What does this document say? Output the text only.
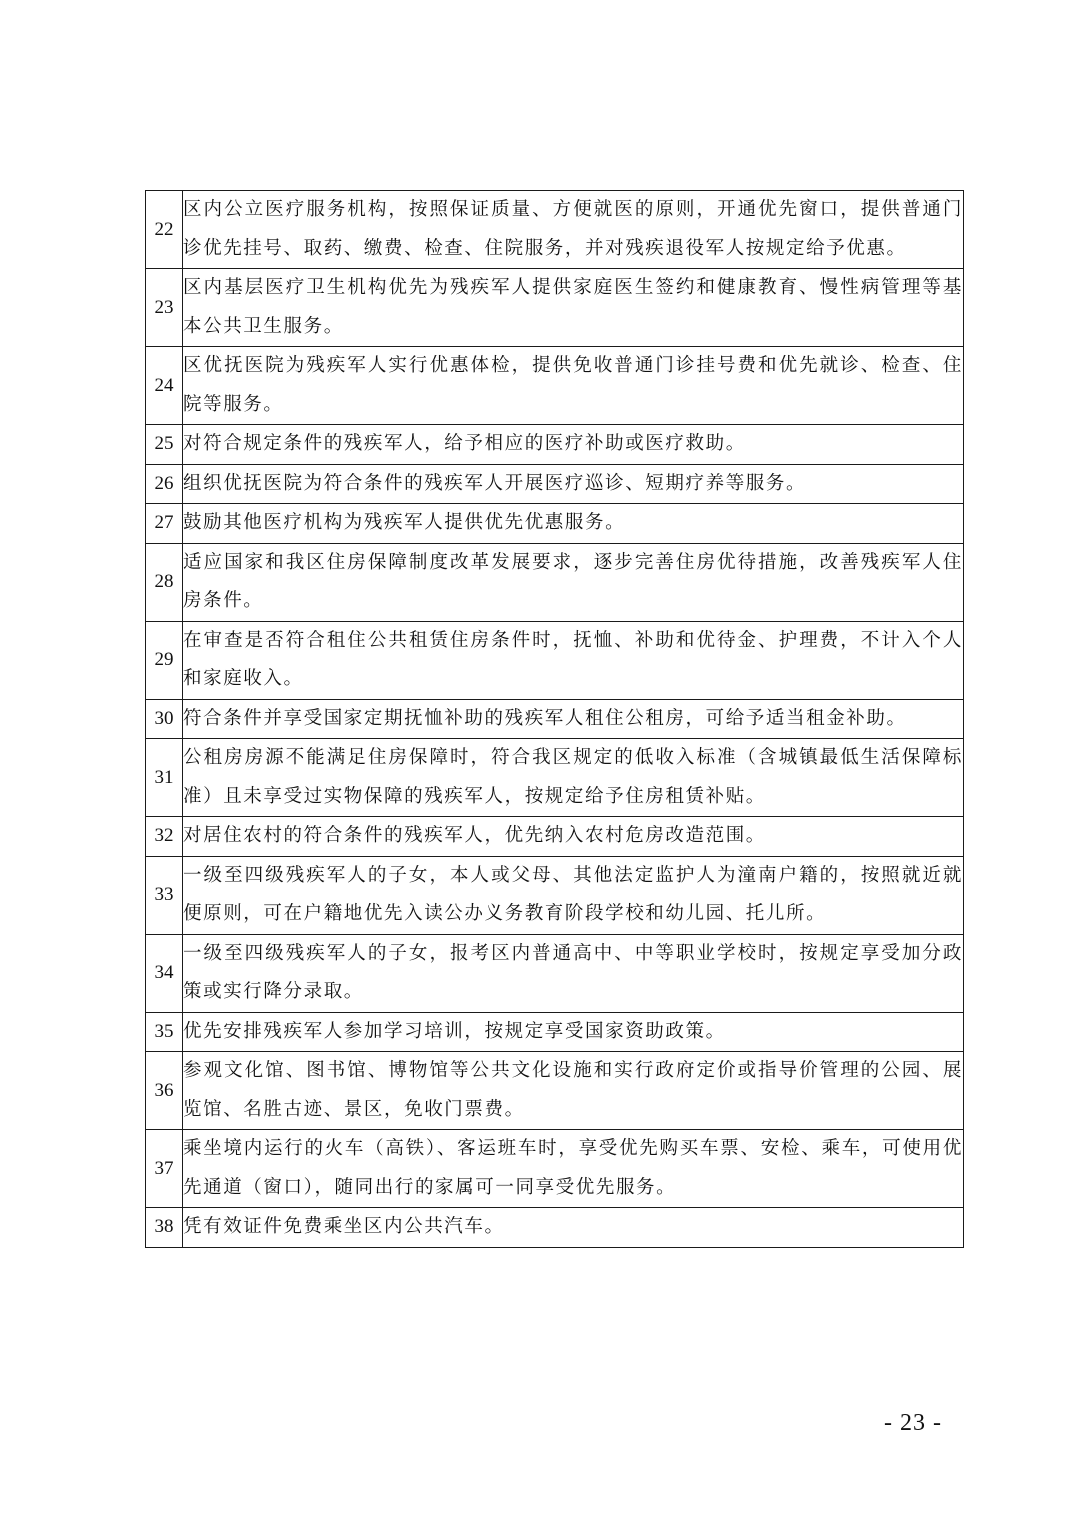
22	区内公立医疗服务机构，按照保证质量、方便就医的原则，开通优先窗口，提供普通门诊优先挂号、取药、缴费、检查、住院服务，并对残疾退役军人按规定给予优惠。
23	区内基层医疗卫生机构优先为残疾军人提供家庭医生签约和健康教育、慢性病管理等基本公共卫生服务。
24	区优抚医院为残疾军人实行优惠体检，提供免收普通门诊挂号费和优先就诊、检查、住院等服务。
25	对符合规定条件的残疾军人，给予相应的医疗补助或医疗救助。
26	组织优抚医院为符合条件的残疾军人开展医疗巡诊、短期疗养等服务。
27	鼓励其他医疗机构为残疾军人提供优先优惠服务。
28	适应国家和我区住房保障制度改革发展要求，逐步完善住房优待措施，改善残疾军人住房条件。
29	在审查是否符合租住公共租赁住房条件时，抚恤、补助和优待金、护理费，不计入个人和家庭收入。
30	符合条件并享受国家定期抚恤补助的残疾军人租住公租房，可给予适当租金补助。
31	公租房房源不能满足住房保障时，符合我区规定的低收入标准（含城镇最低生活保障标准）且未享受过实物保障的残疾军人，按规定给予住房租赁补贴。
32	对居住农村的符合条件的残疾军人，优先纳入农村危房改造范围。
33	一级至四级残疾军人的子女，本人或父母、其他法定监护人为潼南户籍的，按照就近就便原则，可在户籍地优先入读公办义务教育阶段学校和幼儿园、托儿所。
34	一级至四级残疾军人的子女，报考区内普通高中、中等职业学校时，按规定享受加分政策或实行降分录取。
35	优先安排残疾军人参加学习培训，按规定享受国家资助政策。
36	参观文化馆、图书馆、博物馆等公共文化设施和实行政府定价或指导价管理的公园、展览馆、名胜古迹、景区，免收门票费。
37	乘坐境内运行的火车（高铁）、客运班车时，享受优先购买车票、安检、乘车，可使用优先通道（窗口），随同出行的家属可一同享受优先服务。
38	凭有效证件免费乘坐区内公共汽车。
- 23 -
